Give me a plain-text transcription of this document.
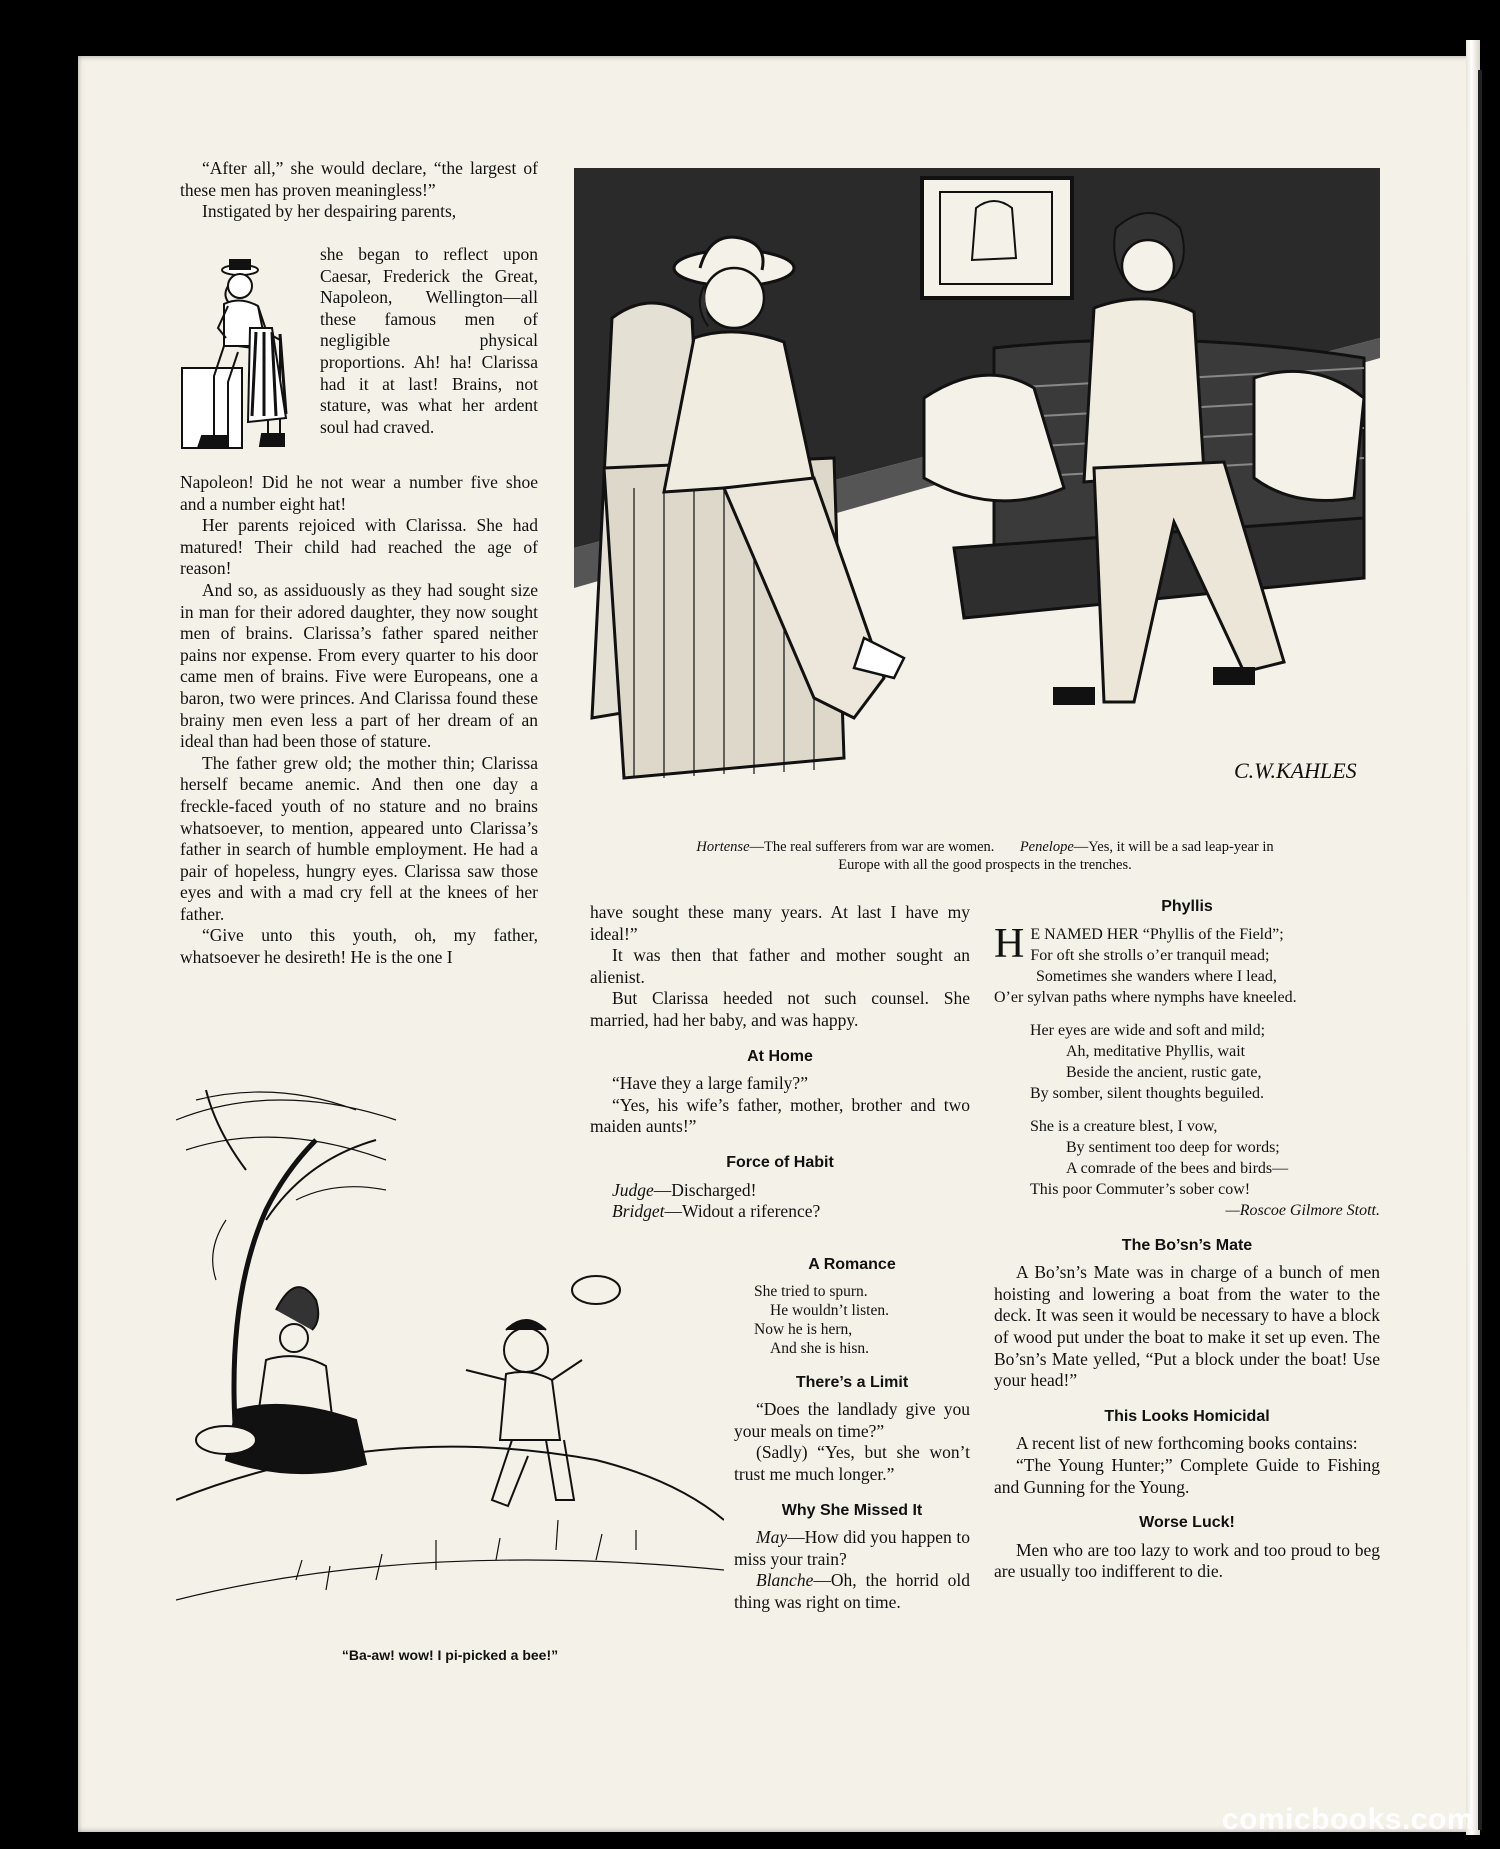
“After all,” she would declare, “the largest of these men has proven meaningless!”

Instigated by her despairing parents,

she began to reflect upon Caesar, Frederick the Great, Napoleon, Wellington—all these famous men of negligible physical proportions. Ah! ha! Clarissa had it at last! Brains, not stature, was what her ardent soul had craved.

Napoleon! Did he not wear a number five shoe and a number eight hat!

Her parents rejoiced with Clarissa. She had matured! Their child had reached the age of reason!

And so, as assiduously as they had sought size in man for their adored daughter, they now sought men of brains. Clarissa’s father spared neither pains nor expense. From every quarter to his door came men of brains. Five were Europeans, one a baron, two were princes. And Clarissa found these brainy men even less a part of her dream of an ideal than had been those of stature.

The father grew old; the mother thin; Clarissa herself became anemic. And then one day a freckle-faced youth of no stature and no brains whatsoever, to mention, appeared unto Clarissa’s father in search of humble employment. He had a pair of hopeless, hungry eyes. Clarissa saw those eyes and with a mad cry fell at the knees of her father.

“Give unto this youth, oh, my father, whatsoever he desireth! He is the one I

C.W.KAHLES
Hortense—The real sufferers from war are women. Penelope—Yes, it will be a sad leap-year in
Europe with all the good prospects in the trenches.

have sought these many years. At last I have my ideal!”

It was then that father and mother sought an alienist.

But Clarissa heeded not such counsel. She married, had her baby, and was happy.

At Home

“Have they a large family?”

“Yes, his wife’s father, mother, brother and two maiden aunts!”

Force of Habit

Judge—Discharged!

Bridget—Widout a riference?

A Romance
She tried to spurn.
He wouldn’t listen.
Now he is hern,
And she is hisn.
There’s a Limit

“Does the landlady give you your meals on time?”

(Sadly) “Yes, but she won’t trust me much longer.”

Why She Missed It

May—How did you happen to miss your train?

Blanche—Oh, the horrid old thing was right on time.

“Ba-aw! wow! I pi-picked a bee!”
Phyllis
H E NAMED HER “Phyllis of the Field”;
For oft she strolls o’er tranquil mead;
Sometimes she wanders where I lead,
O’er sylvan paths where nymphs have kneeled.
Her eyes are wide and soft and mild;
Ah, meditative Phyllis, wait
Beside the ancient, rustic gate,
By somber, silent thoughts beguiled.
She is a creature blest, I vow,
By sentiment too deep for words;
A comrade of the bees and birds—
This poor Commuter’s sober cow!
—Roscoe Gilmore Stott.
The Bo’sn’s Mate

A Bo’sn’s Mate was in charge of a bunch of men hoisting and lowering a boat from the water to the deck. It was seen it would be necessary to have a block of wood put under the boat to make it set up even. The Bo’sn’s Mate yelled, “Put a block under the boat! Use your head!”

This Looks Homicidal

A recent list of new forthcoming books contains:

“The Young Hunter;” Complete Guide to Fishing and Gunning for the Young.

Worse Luck!

Men who are too lazy to work and too proud to beg are usually too indifferent to die.

comicbooks.com
